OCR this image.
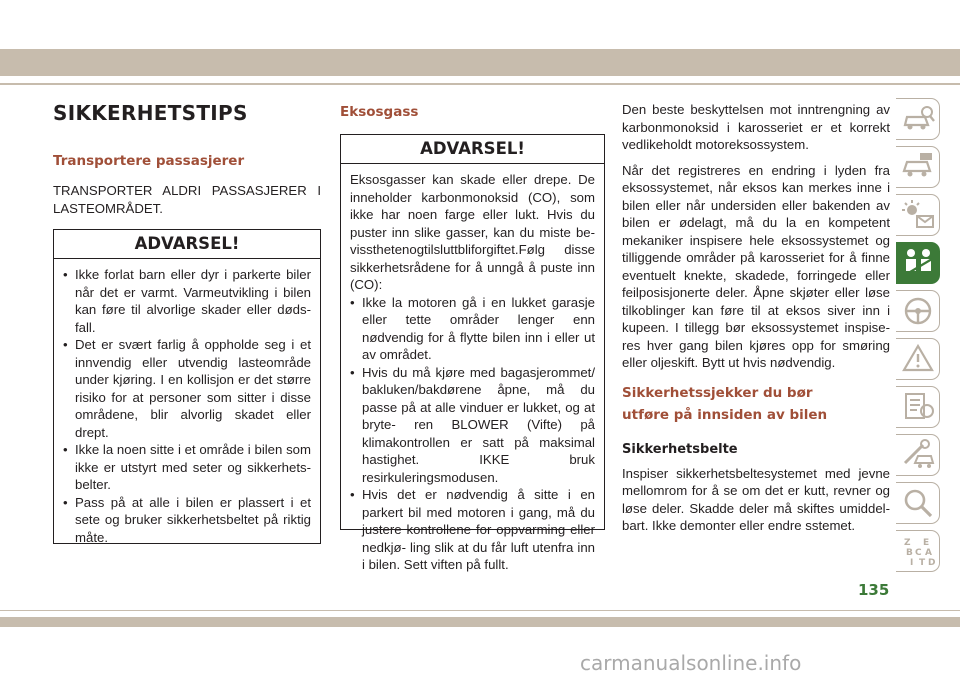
SIKKERHETSTIPS
Transportere passasjerer

TRANSPORTER ALDRI PASSASJERER I LASTEOMRÅDET.

ADVARSEL!
• Ikke forlat barn eller dyr i parkerte biler når det er varmt. Varmeutvikling i bilen kan føre til alvorlige skader eller døds- fall.
• Det er svært farlig å oppholde seg i et innvendig eller utvendig lasteområde under kjøring. I en kollisjon er det større risiko for at personer som sitter i disse områdene, blir alvorlig skadet eller drept.
• Ikke la noen sitte i et område i bilen som ikke er utstyrt med seter og sikkerhets- belter.
• Pass på at alle i bilen er plassert i et sete og bruker sikkerhetsbeltet på riktig måte.
Eksosgass
ADVARSEL!
Eksosgasser kan skade eller drepe. De inneholder karbonmonoksid (CO), som ikke har noen farge eller lukt. Hvis du puster inn slike gasser, kan du miste be- vissthetenogtilsluttbliforgiftet.Følg disse sikkerhetsrådene for å unngå å puste inn (CO):
• Ikke la motoren gå i en lukket garasje eller tette områder lenger enn nødvendig for å flytte bilen inn i eller ut av området.
• Hvis du må kjøre med bagasjerommet/ bakluken/bakdørene åpne, må du passe på at alle vinduer er lukket, og at bryte- ren BLOWER (Vifte) på klimakontrollen er satt på maksimal hastighet. IKKE bruk resirkuleringsmodusen.
• Hvis det er nødvendig å sitte i en parkert bil med motoren i gang, må du justere kontrollene for oppvarming eller nedkjø- ling slik at du får luft utenfra inn i bilen. Sett viften på fullt.

Den beste beskyttelsen mot inntrengning av karbonmonoksid i karosseriet er et korrekt vedlikeholdt motoreksossystem.

Når det registreres en endring i lyden fra eksossystemet, når eksos kan merkes inne i bilen eller når undersiden eller bakenden av bilen er ødelagt, må du la en kompetent mekaniker inspisere hele eksossystemet og tilliggende områder på karosseriet for å finne eventuelt knekte, skadede, forringede eller feilposisjonerte deler. Åpne skjøter eller løse tilkoblinger kan føre til at eksos siver inn i kupeen. I tillegg bør eksossystemet inspise- res hver gang bilen kjøres opp for smøring eller oljeskift. Bytt ut hvis nødvendig.

Sikkerhetssjekker du bør utføre på innsiden av bilen
Sikkerhetsbelte

Inspiser sikkerhetsbeltesystemet med jevne mellomrom for å se om det er kutt, revner og løse deler. Skadde deler må skiftes umiddel- bart. Ikke demonter eller endre sstemet.

Z E
B C A
I T D
135
carmanualsonline.info
